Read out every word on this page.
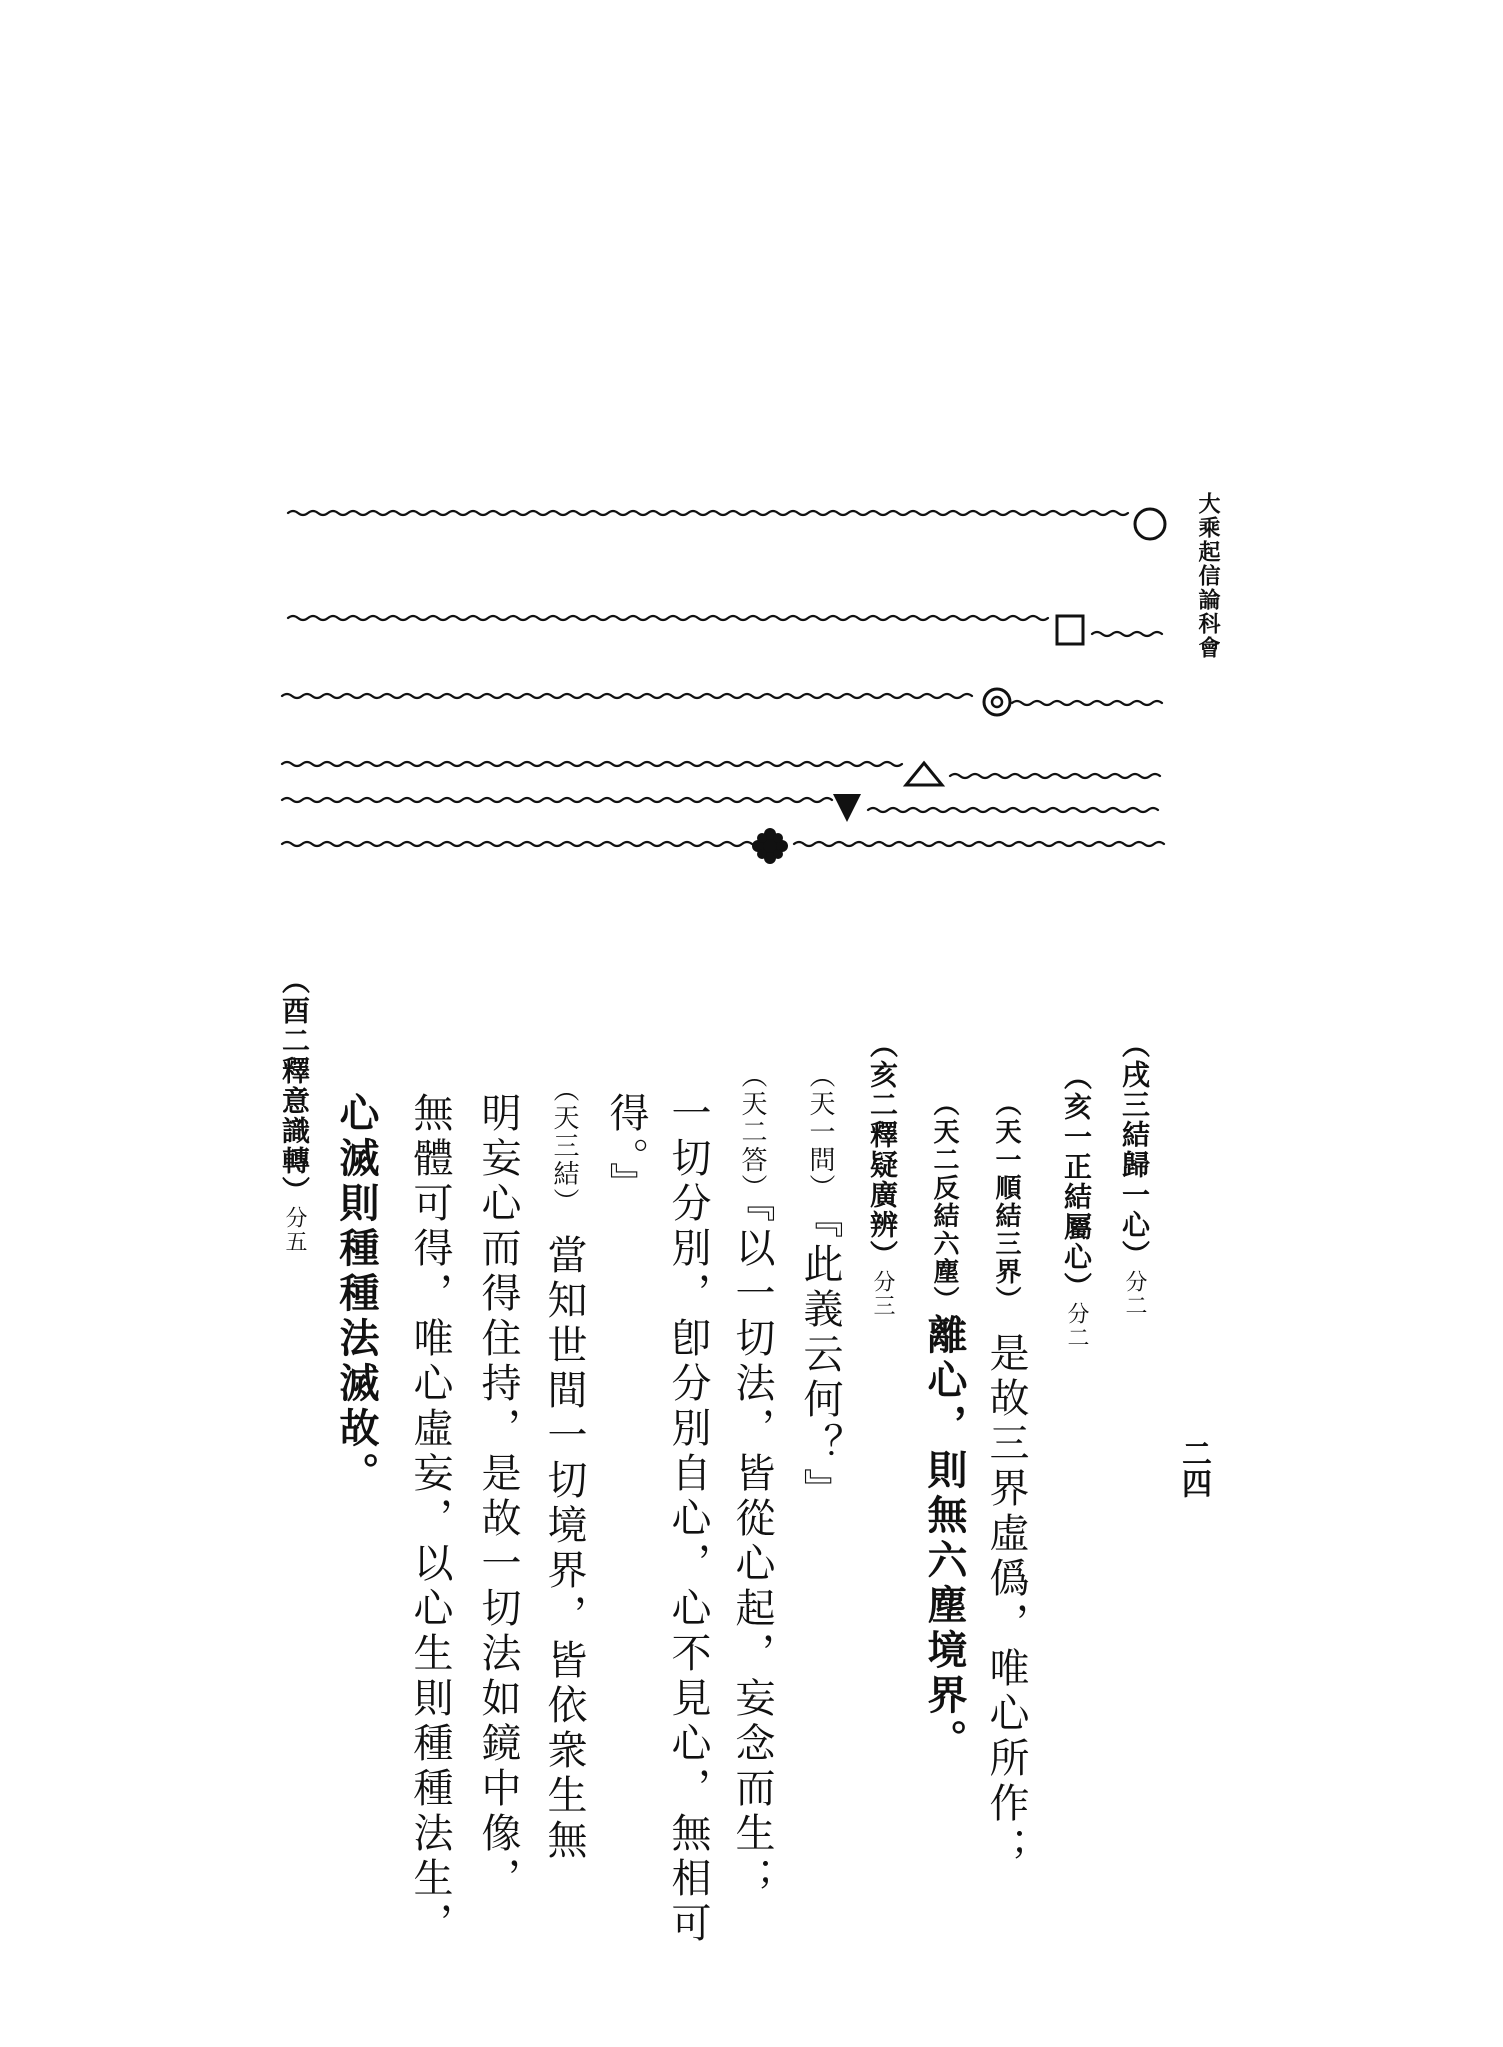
大乘起信論科會
二四
（戌三結歸一心）分二
（亥一正結屬心）分二
（天一順結三界）是故三界虛僞，唯心所作；
（天二反結六塵）離心，則無六塵境界。
（亥二釋疑廣辨）分三
（天一問）『此義云何？』
（天二答）『以一切法，皆從心起，妄念而生；
一切分別，卽分別自心，心不見心，無相可
得。』
（天三結）當知世間一切境界，皆依衆生無
明妄心而得住持，是故一切法如鏡中像，
無體可得，唯心虛妄，以心生則種種法生，
心滅則種種法滅故。
（酉二釋意識轉）分五
